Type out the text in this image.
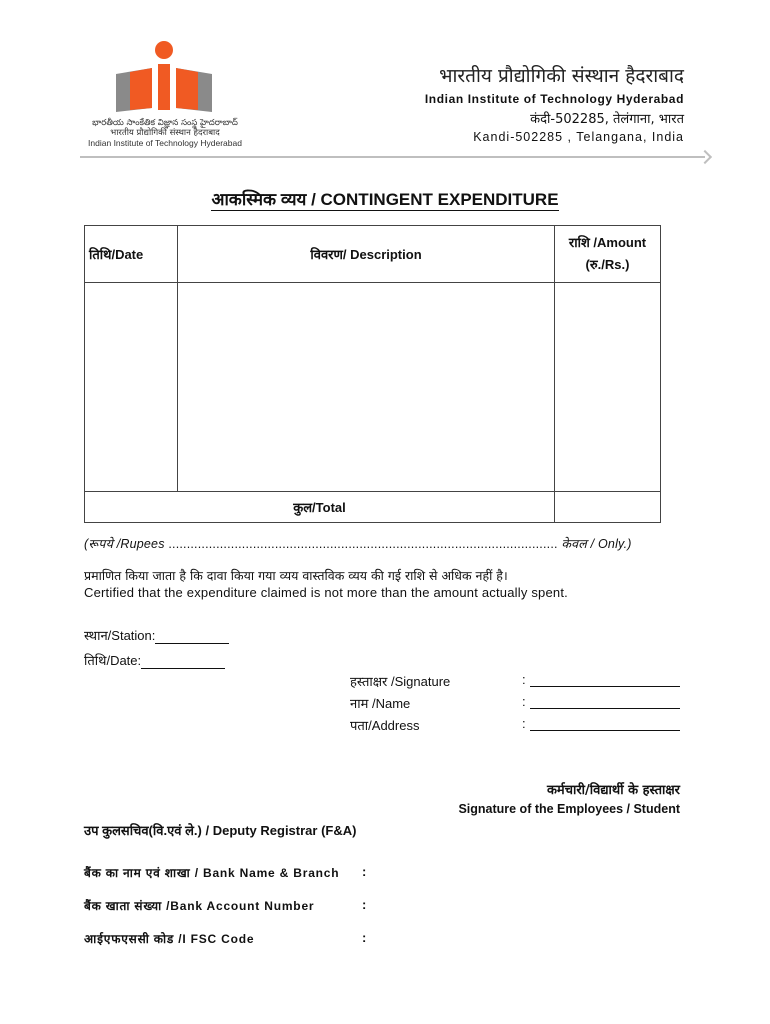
భారతీయ సాంకేతిక విజ్ఞాన సంస్థ హైదరాబాద్
भारतीय प्रौद्योगिकी संस्थान हैदराबाद
Indian Institute of Technology Hyderabad
भारतीय प्रौद्योगिकी संस्थान हैदराबाद
Indian Institute of Technology Hyderabad
कंदी-502285, तेलंगाना, भारत
Kandi-502285 , Telangana, India
आकस्मिक व्यय / CONTINGENT EXPENDITURE
तिथि/Date	विवरण/ Description	राशि /Amount
(रु./Rs.)

कुल/Total		
(रूपये /Rupees .......................................................................................................... केवल / Only.)
प्रमाणित किया जाता है कि दावा किया गया व्यय वास्तविक व्यय की गई राशि से अधिक नहीं है।
Certified that the expenditure claimed is not more than the amount actually spent.
स्थान/Station:
तिथि/Date:
हस्ताक्षर /Signature	:
नाम /Name	:
पता/Address	:
कर्मचारी/विद्यार्थी के हस्ताक्षर
Signature of the Employees / Student
उप कुलसचिव(वि.एवं ले.) / Deputy Registrar (F&A)
बैंक का नाम एवं शाखा / Bank Name & Branch :
बैंक खाता संख्या /Bank Account Number	:
आईएफएससी कोड /I FSC Code	:
